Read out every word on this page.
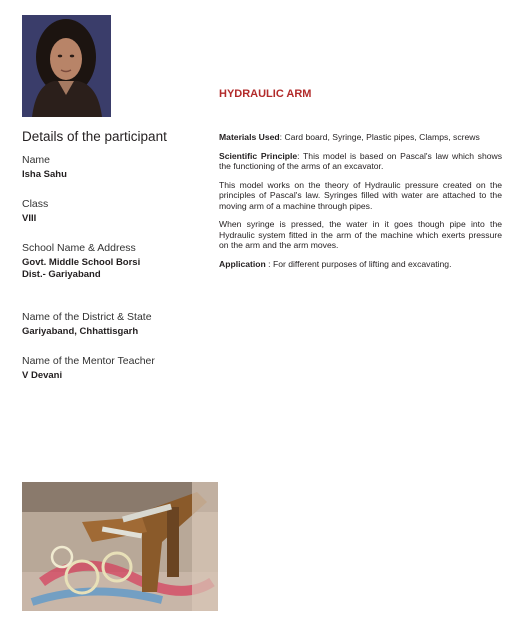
HYDRAULIC ARM
Details of the participant
Name
Isha Sahu
Class
VIII
School Name & Address
Govt. Middle School Borsi
Dist.- Gariyaband
Name of the District & State
Gariyaband, Chhattisgarh
Name of the Mentor Teacher
V Devani

Materials Used: Card board, Syringe, Plastic pipes, Clamps, screws

Scientific Principle: This model is based on Pascal's law which shows the functioning of the arms of an excavator.

This model works on the theory of Hydraulic pressure created on the principles of Pascal's law. Syringes filled with water are attached to the moving arm of a machine through pipes.

When syringe is pressed, the water in it goes though pipe into the Hydraulic system fitted in the arm of the machine which exerts pressure on the arm and the arm moves.

Application : For different purposes of lifting and excavating.
